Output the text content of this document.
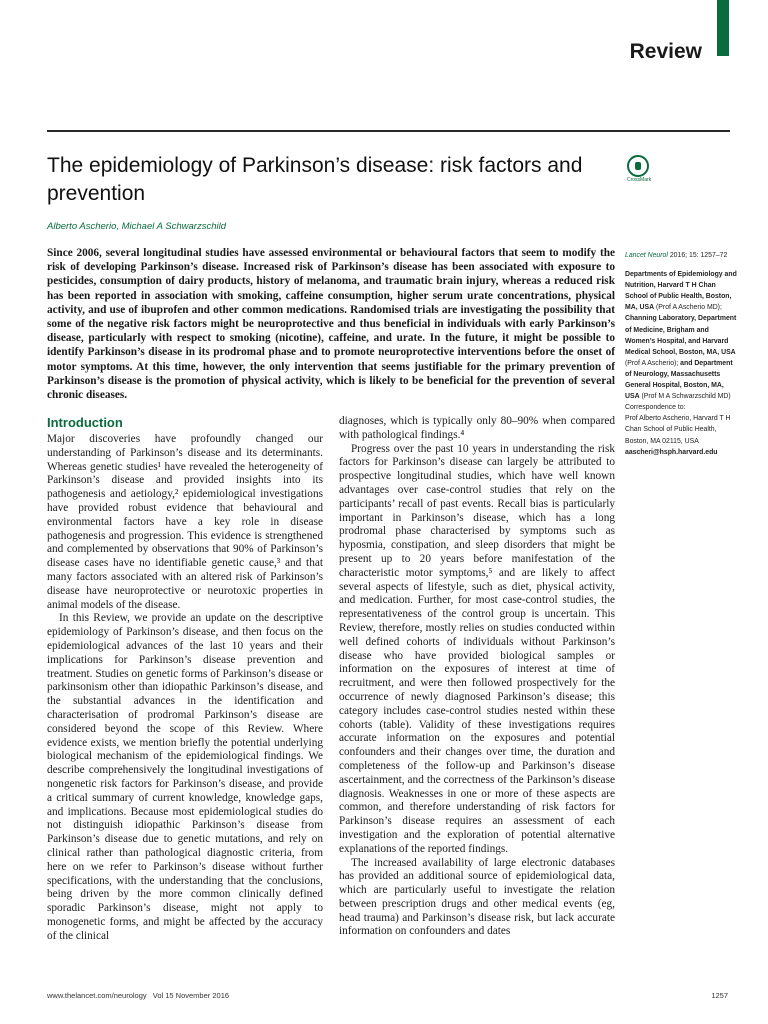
Review
The epidemiology of Parkinson’s disease: risk factors and prevention
CrossMark
Alberto Ascherio, Michael A Schwarzschild
Since 2006, several longitudinal studies have assessed environmental or behavioural factors that seem to modify the risk of developing Parkinson’s disease. Increased risk of Parkinson’s disease has been associated with exposure to pesticides, consumption of dairy products, history of melanoma, and traumatic brain injury, whereas a reduced risk has been reported in association with smoking, caffeine consumption, higher serum urate concentrations, physical activity, and use of ibuprofen and other common medications. Randomised trials are investigating the possibility that some of the negative risk factors might be neuroprotective and thus beneficial in individuals with early Parkinson’s disease, particularly with respect to smoking (nicotine), caffeine, and urate. In the future, it might be possible to identify Parkinson’s disease in its prodromal phase and to promote neuroprotective interventions before the onset of motor symptoms. At this time, however, the only intervention that seems justifiable for the primary prevention of Parkinson’s disease is the promotion of physical activity, which is likely to be beneficial for the prevention of several chronic diseases.
Lancet Neurol 2016; 15: 1257–72
Departments of Epidemiology and Nutrition, Harvard T H Chan School of Public Health, Boston, MA, USA (Prof A Ascherio MD); Channing Laboratory, Department of Medicine, Brigham and Women’s Hospital, and Harvard Medical School, Boston, MA, USA (Prof A Ascherio); and Department of Neurology, Massachusetts General Hospital, Boston, MA, USA (Prof M A Schwarzschild MD)
Correspondence to:
Prof Alberto Ascherio, Harvard T H Chan School of Public Health, Boston, MA 02115, USA
aascheri@hsph.harvard.edu
Introduction

Major discoveries have profoundly changed our understanding of Parkinson’s disease and its determinants. Whereas genetic studies¹ have revealed the heterogeneity of Parkinson’s disease and provided insights into its pathogenesis and aetiology,² epidemiological investigations have provided robust evidence that behavioural and environmental factors have a key role in disease pathogenesis and progression. This evidence is strengthened and complemented by observations that 90% of Parkinson’s disease cases have no identifiable genetic cause,³ and that many factors associated with an altered risk of Parkinson’s disease have neuroprotective or neurotoxic properties in animal models of the disease.

In this Review, we provide an update on the descriptive epidemiology of Parkinson’s disease, and then focus on the epidemiological advances of the last 10 years and their implications for Parkinson’s disease prevention and treatment. Studies on genetic forms of Parkinson’s disease or parkinsonism other than idiopathic Parkinson’s disease, and the substantial advances in the identification and characterisation of prodromal Parkinson’s disease are considered beyond the scope of this Review. Where evidence exists, we mention briefly the potential underlying biological mechanism of the epidemiological findings. We describe comprehensively the longitudinal investigations of nongenetic risk factors for Parkinson’s disease, and provide a critical summary of current knowledge, knowledge gaps, and implications. Because most epidemiological studies do not distinguish idiopathic Parkinson’s disease from Parkinson’s disease due to genetic mutations, and rely on clinical rather than pathological diagnostic criteria, from here on we refer to Parkinson’s disease without further specifications, with the understanding that the conclusions, being driven by the more common clinically defined sporadic Parkinson’s disease, might not apply to monogenetic forms, and might be affected by the accuracy of the clinical

diagnoses, which is typically only 80–90% when compared with pathological findings.⁴

Progress over the past 10 years in understanding the risk factors for Parkinson’s disease can largely be attributed to prospective longitudinal studies, which have well known advantages over case-control studies that rely on the participants’ recall of past events. Recall bias is particularly important in Parkinson’s disease, which has a long prodromal phase characterised by symptoms such as hyposmia, constipation, and sleep disorders that might be present up to 20 years before manifestation of the characteristic motor symptoms,⁵ and are likely to affect several aspects of lifestyle, such as diet, physical activity, and medication. Further, for most case-control studies, the representativeness of the control group is uncertain. This Review, therefore, mostly relies on studies conducted within well defined cohorts of individuals without Parkinson’s disease who have provided biological samples or information on the exposures of interest at time of recruitment, and were then followed prospectively for the occurrence of newly diagnosed Parkinson’s disease; this category includes case-control studies nested within these cohorts (table). Validity of these investigations requires accurate information on the exposures and potential confounders and their changes over time, the duration and completeness of the follow-up and Parkinson’s disease ascertainment, and the correctness of the Parkinson’s disease diagnosis. Weaknesses in one or more of these aspects are common, and therefore understanding of risk factors for Parkinson’s disease requires an assessment of each investigation and the exploration of potential alternative explanations of the reported findings.

The increased availability of large electronic databases has provided an additional source of epidemiological data, which are particularly useful to investigate the relation between prescription drugs and other medical events (eg, head trauma) and Parkinson’s disease risk, but lack accurate information on confounders and dates

www.thelancet.com/neurology Vol 15 November 2016	1257
